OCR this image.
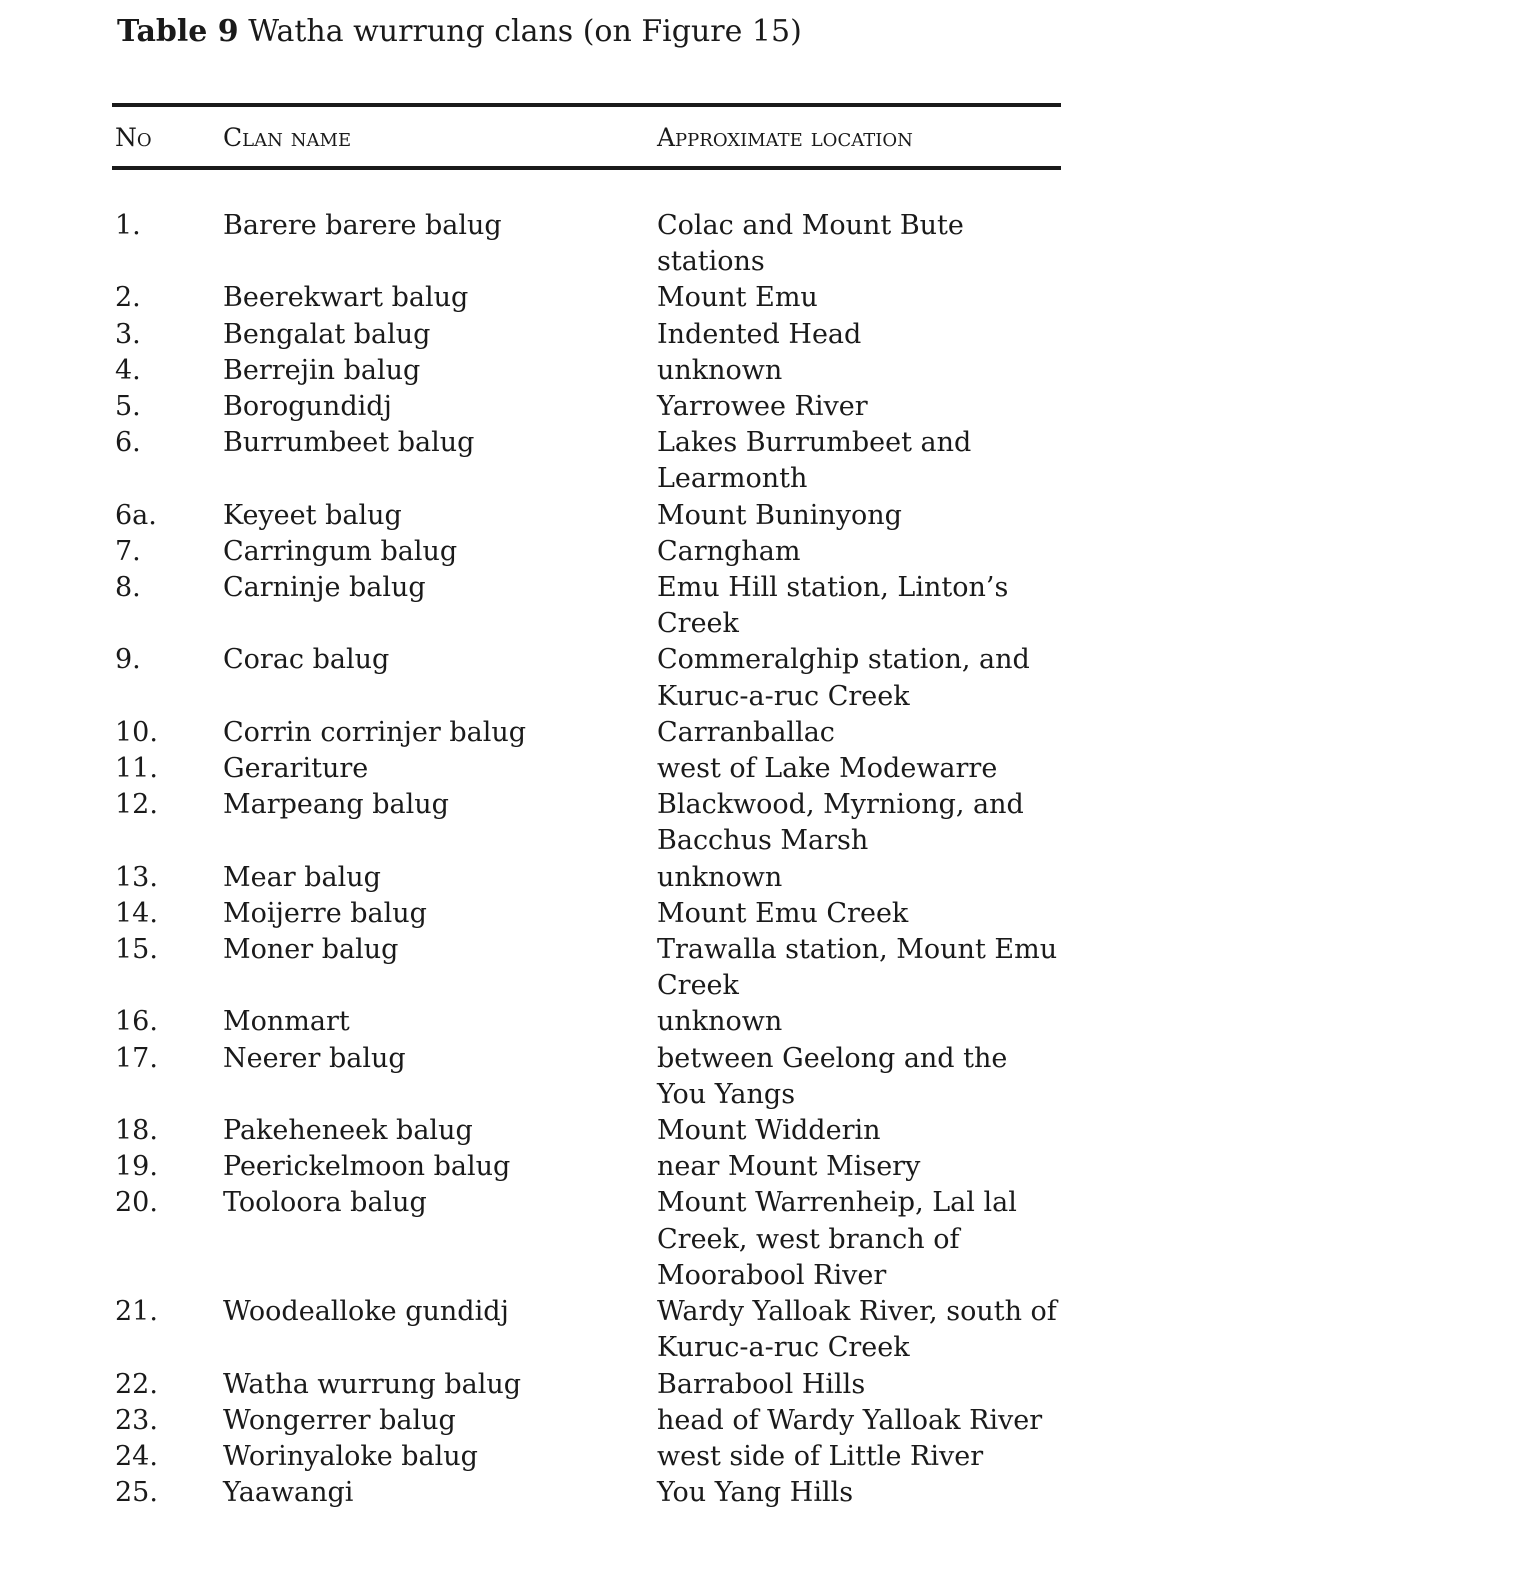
Table 9 Watha wurrung clans (on Figure 15)
No	Clan name	Approximate location
1.	Barere barere balug	Colac and Mount Bute stations
2.	Beerekwart balug	Mount Emu
3.	Bengalat balug	Indented Head
4.	Berrejin balug	unknown
5.	Borogundidj	Yarrowee River
6.	Burrumbeet balug	Lakes Burrumbeet and Learmonth
6a. Keyeet balug	Mount Buninyong
7.	Carringum balug	Carngham
8.	Carninje balug	Emu Hill station, Linton’s Creek
9.	Corac balug	Commeralghip station, and Kuruc-a-ruc Creek
10. Corrin corrinjer balug	Carranballac
11. Gerariture	west of Lake Modewarre
12. Marpeang balug	Blackwood, Myrniong, and Bacchus Marsh
13. Mear balug	unknown
14. Moijerre balug	Mount Emu Creek
15. Moner balug	Trawalla station, Mount Emu Creek
16. Monmart	unknown
17. Neerer balug	between Geelong and the You Yangs
18. Pakeheneek balug	Mount Widderin
19. Peerickelmoon balug	near Mount Misery
20. Tooloora balug	Mount Warrenheip, Lal lal Creek, west branch of Moorabool River
21. Woodealloke gundidj	Wardy Yalloak River, south of Kuruc-a-ruc Creek
22. Watha wurrung balug	Barrabool Hills
23. Wongerrer balug	head of Wardy Yalloak River
24. Worinyaloke balug	west side of Little River
25. Yaawangi	You Yang Hills
